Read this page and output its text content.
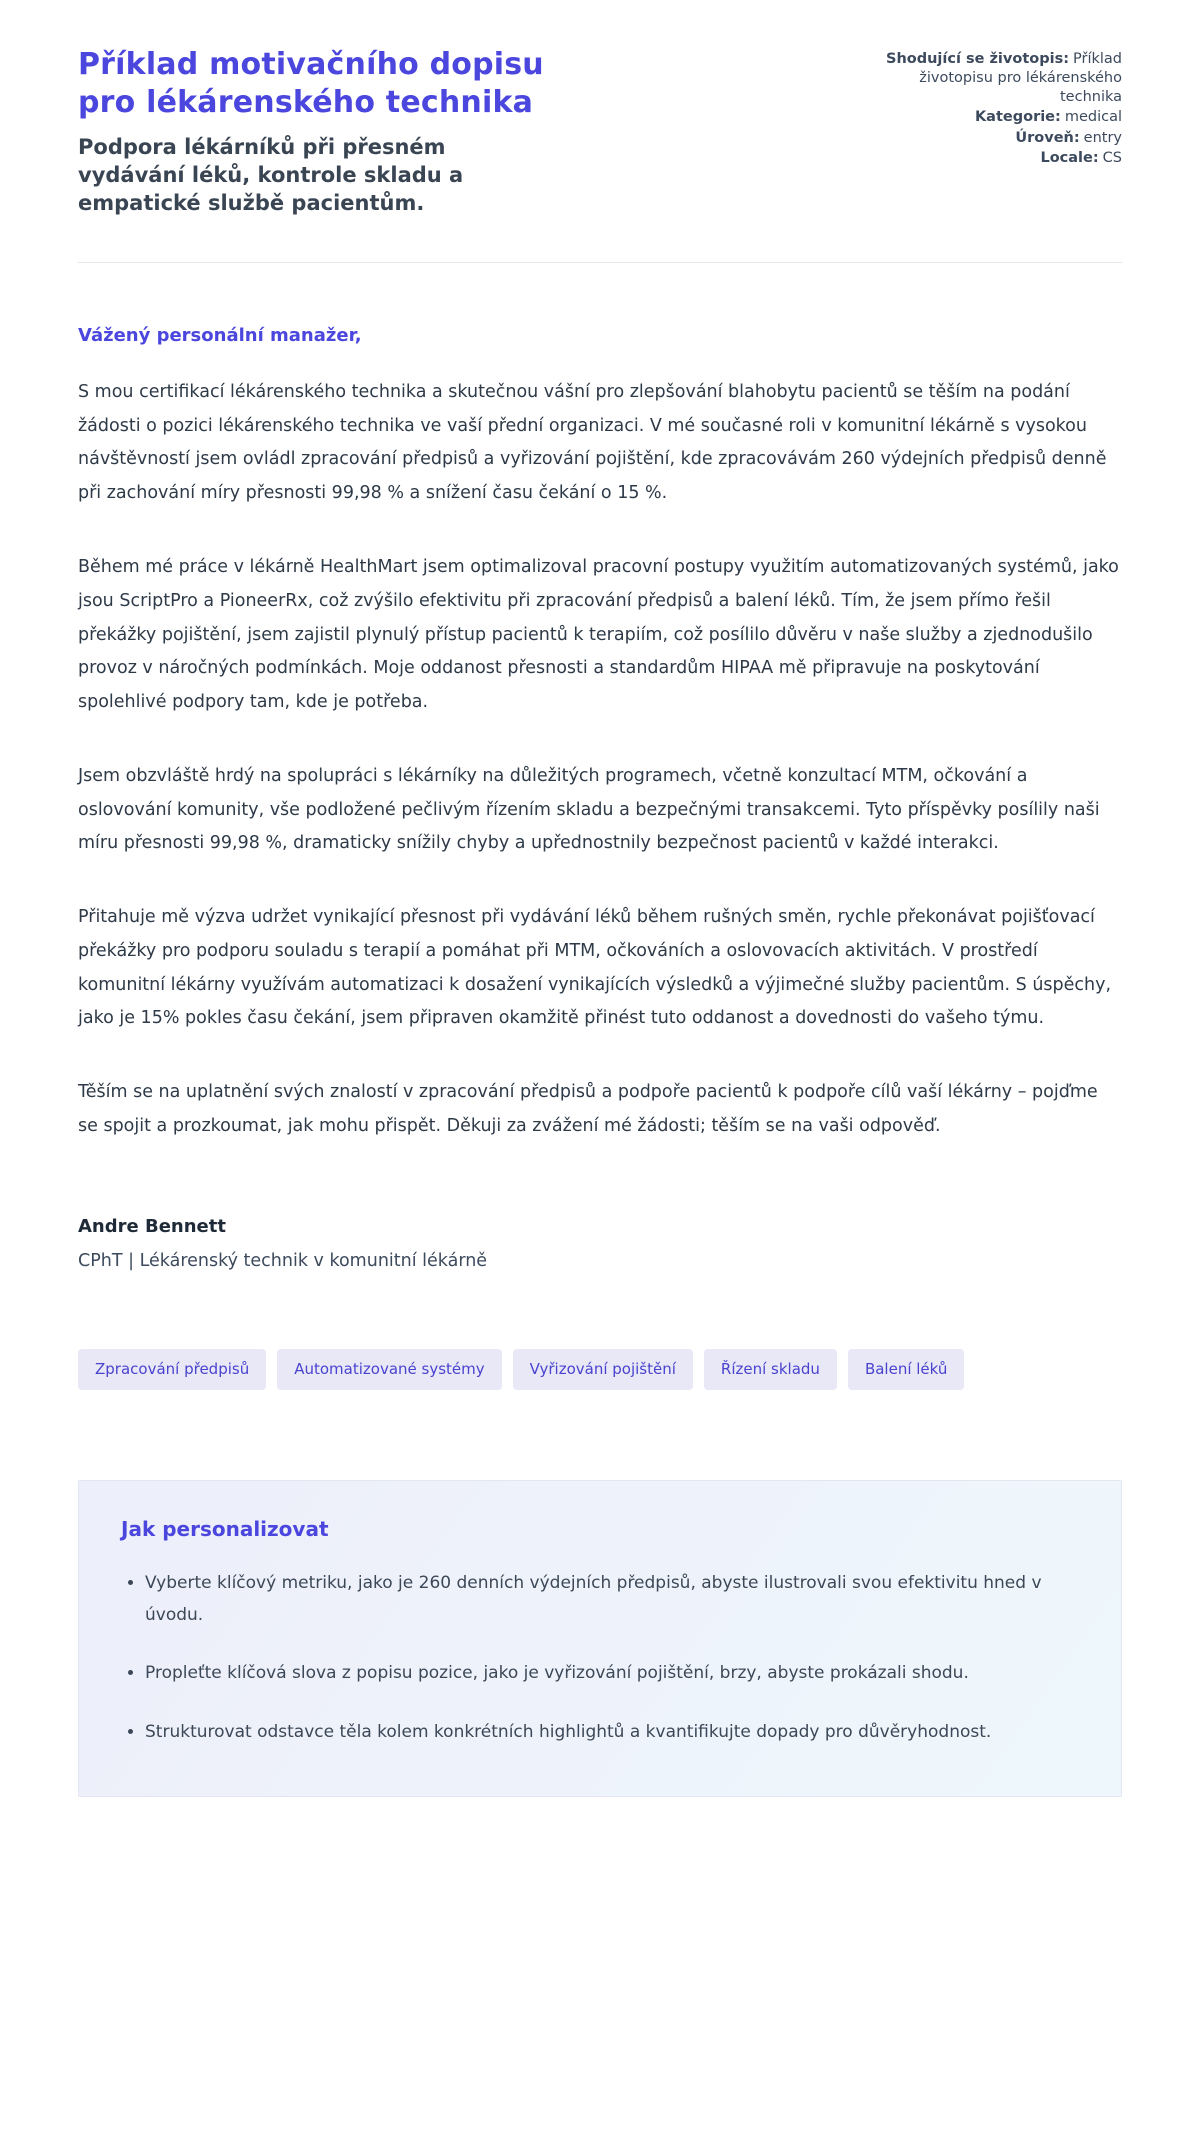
Příklad motivačního dopisu pro lékárenského technika

Podpora lékárníků při přesném vydávání léků, kontrole skladu a empatické službě pacientům.

Shodující se životopis: Příklad životopisu pro lékárenského technika
Kategorie: medical
Úroveň: entry
Locale: CS

Vážený personální manažer,

S mou certifikací lékárenského technika a skutečnou vášní pro zlepšování blahobytu pacientů se těším na podání žádosti o pozici lékárenského technika ve vaší přední organizaci. V mé současné roli v komunitní lékárně s vysokou návštěvností jsem ovládl zpracování předpisů a vyřizování pojištění, kde zpracovávám 260 výdejních předpisů denně při zachování míry přesnosti 99,98 % a snížení času čekání o 15 %.

Během mé práce v lékárně HealthMart jsem optimalizoval pracovní postupy využitím automatizovaných systémů, jako jsou ScriptPro a PioneerRx, což zvýšilo efektivitu při zpracování předpisů a balení léků. Tím, že jsem přímo řešil překážky pojištění, jsem zajistil plynulý přístup pacientů k terapiím, což posílilo důvěru v naše služby a zjednodušilo provoz v náročných podmínkách. Moje oddanost přesnosti a standardům HIPAA mě připravuje na poskytování spolehlivé podpory tam, kde je potřeba.

Jsem obzvláště hrdý na spolupráci s lékárníky na důležitých programech, včetně konzultací MTM, očkování a oslovování komunity, vše podložené pečlivým řízením skladu a bezpečnými transakcemi. Tyto příspěvky posílily naši míru přesnosti 99,98 %, dramaticky snížily chyby a upřednostnily bezpečnost pacientů v každé interakci.

Přitahuje mě výzva udržet vynikající přesnost při vydávání léků během rušných směn, rychle překonávat pojišťovací překážky pro podporu souladu s terapií a pomáhat při MTM, očkováních a oslovovacích aktivitách. V prostředí komunitní lékárny využívám automatizaci k dosažení vynikajících výsledků a výjimečné služby pacientům. S úspěchy, jako je 15% pokles času čekání, jsem připraven okamžitě přinést tuto oddanost a dovednosti do vašeho týmu.

Těším se na uplatnění svých znalostí v zpracování předpisů a podpoře pacientů k podpoře cílů vaší lékárny – pojďme se spojit a prozkoumat, jak mohu přispět. Děkuji za zvážení mé žádosti; těším se na vaši odpověď.

Andre Bennett

CPhT | Lékárenský technik v komunitní lékárně

Zpracování předpisů	Automatizované systémy	Vyřizování pojištění	Řízení skladu	Balení léků
Jak personalizovat
• Vyberte klíčový metriku, jako je 260 denních výdejních předpisů, abyste ilustrovali svou efektivitu hned v úvodu.
• Propleťte klíčová slova z popisu pozice, jako je vyřizování pojištění, brzy, abyste prokázali shodu.
• Strukturovat odstavce těla kolem konkrétních highlightů a kvantifikujte dopady pro důvěryhodnost.
